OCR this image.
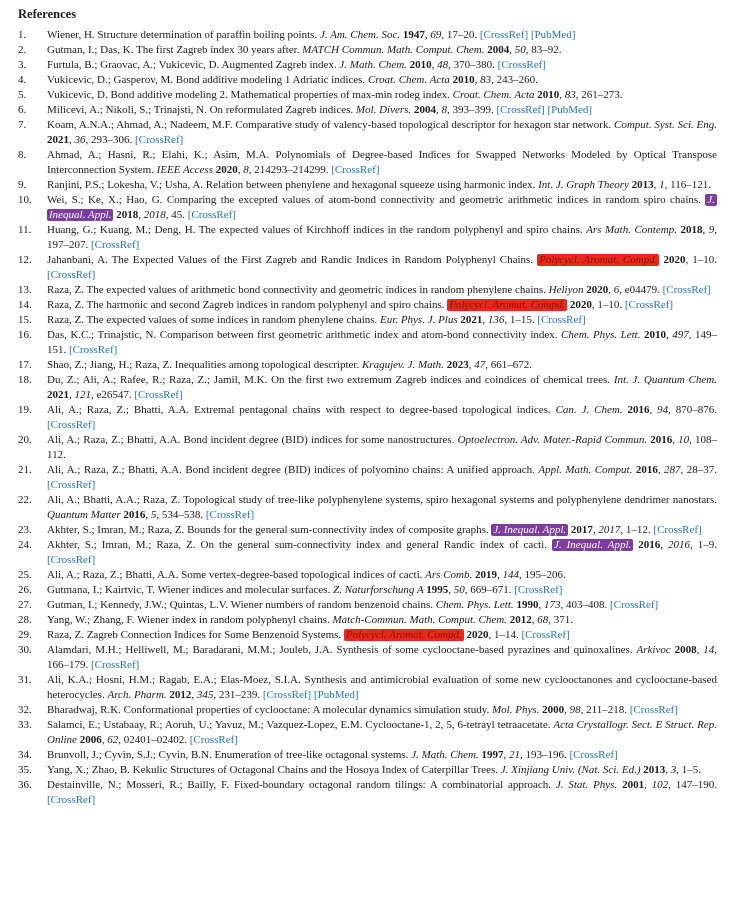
References
1.	Wiener, H. Structure determination of paraffin boiling points. J. Am. Chem. Soc. 1947, 69, 17–20. [CrossRef] [PubMed]
2.	Gutman, I.; Das, K. The first Zagreb index 30 years after. MATCH Commun. Math. Comput. Chem. 2004, 50, 83–92.
3.	Furtula, B.; Graovac, A.; Vukicevic, D. Augmented Zagreb index. J. Math. Chem. 2010, 48, 370–380. [CrossRef]
4.	Vukicevic, D.; Gasperov, M. Bond additive modeling 1 Adriatic indices. Croat. Chem. Acta 2010, 83, 243–260.
5.	Vukicevic, D. Bond additive modeling 2. Mathematical properties of max-min rodeg index. Croat. Chem. Acta 2010, 83, 261–273.
6.	Milicevi, A.; Nikoli, S.; Trinajsti, N. On reformulated Zagreb indices. Mol. Divers. 2004, 8, 393–399. [CrossRef] [PubMed]
7.	Koam, A.N.A.; Ahmad, A.; Nadeem, M.F. Comparative study of valency-based topological descriptor for hexagon star network. Comput. Syst. Sci. Eng. 2021, 36, 293–306. [CrossRef]
8.	Ahmad, A.; Hasni, R.; Elahi, K.; Asim, M.A. Polynomials of Degree-based Indices for Swapped Networks Modeled by Optical Transpose Interconnection System. IEEE Access 2020, 8, 214293–214299. [CrossRef]
9.	Ranjini, P.S.; Lokesha, V.; Usha, A. Relation between phenylene and hexagonal squeeze using harmonic index. Int. J. Graph Theory 2013, 1, 116–121.
10.	Wei, S.; Ke, X.; Hao, G. Comparing the excepted values of atom-bond connectivity and geometric arithmetic indices in random spiro chains. J. Inequal. Appl. 2018, 2018, 45. [CrossRef]
11.	Huang, G.; Kuang, M.; Deng, H. The expected values of Kirchhoff indices in the random polyphenyl and spiro chains. Ars Math. Contemp. 2018, 9, 197–207. [CrossRef]
12.	Jahanbani, A. The Expected Values of the First Zagreb and Randic Indices in Random Polyphenyl Chains. Polycycl. Aromat. Compd. 2020, 1–10. [CrossRef]
13.	Raza, Z. The expected values of arithmetic bond connectivity and geometric indices in random phenylene chains. Heliyon 2020, 6, e04479. [CrossRef]
14.	Raza, Z. The harmonic and second Zagreb indices in random polyphenyl and spiro chains. Polycycl. Aromat. Compd. 2020, 1–10. [CrossRef]
15.	Raza, Z. The expected values of some indices in random phenylene chains. Eur. Phys. J. Plus 2021, 136, 1–15. [CrossRef]
16.	Das, K.C.; Trinajstic, N. Comparison between first geometric arithmetic index and atom-bond connectivity index. Chem. Phys. Lett. 2010, 497, 149–151. [CrossRef]
17.	Shao, Z.; Jiang, H.; Raza, Z. Inequalities among topological descripter. Kragujev. J. Math. 2023, 47, 661–672.
18.	Du, Z.; Ali, A.; Rafee, R.; Raza, Z.; Jamil, M.K. On the first two extremum Zagreb indices and coindices of chemical trees. Int. J. Quantum Chem. 2021, 121, e26547. [CrossRef]
19.	Ali, A.; Raza, Z.; Bhatti, A.A. Extremal pentagonal chains with respect to degree-based topological indices. Can. J. Chem. 2016, 94, 870–876. [CrossRef]
20.	Ali, A.; Raza, Z.; Bhatti, A.A. Bond incident degree (BID) indices for some nanostructures. Optoelectron. Adv. Mater.-Rapid Commun. 2016, 10, 108–112.
21.	Ali, A.; Raza, Z.; Bhatti, A.A. Bond incident degree (BID) indices of polyomino chains: A unified approach. Appl. Math. Comput. 2016, 287, 28–37. [CrossRef]
22.	Ali, A.; Bhatti, A.A.; Raza, Z. Topological study of tree-like polyphenylene systems, spiro hexagonal systems and polyphenylene dendrimer nanostars. Quantum Matter 2016, 5, 534–538. [CrossRef]
23.	Akhter, S.; Imran, M.; Raza, Z. Bounds for the general sum-connectivity index of composite graphs. J. Inequal. Appl. 2017, 2017, 1–12. [CrossRef]
24.	Akhter, S.; Imran, M.; Raza, Z. On the general sum-connectivity index and general Randic index of cacti. J. Inequal. Appl. 2016, 2016, 1–9. [CrossRef]
25.	Ali, A.; Raza, Z.; Bhatti, A.A. Some vertex-degree-based topological indices of cacti. Ars Comb. 2019, 144, 195–206.
26.	Gutmana, I.; Kairtvic, T. Wiener indices and molecular surfaces. Z. Naturforschung A 1995, 50, 669–671. [CrossRef]
27.	Gutman, I.; Kennedy, J.W.; Quintas, L.V. Wiener numbers of random benzenoid chains. Chem. Phys. Lett. 1990, 173, 403–408. [CrossRef]
28.	Yang, W.; Zhang, F. Wiener index in random polyphenyl chains. Match-Commun. Math. Comput. Chem. 2012, 68, 371.
29.	Raza, Z. Zagreb Connection Indices for Some Benzenoid Systems. Polycycl. Aromat. Compd. 2020, 1–14. [CrossRef]
30.	Alamdari, M.H.; Helliwell, M.; Baradarani, M.M.; Jouleb, J.A. Synthesis of some cyclooctane-based pyrazines and quinoxalines. Arkivoc 2008, 14, 166–179. [CrossRef]
31.	Ali, K.A.; Hosni, H.M.; Ragab, E.A.; Elas-Moez, S.I.A. Synthesis and antimicrobial evaluation of some new cyclooctanones and cyclooctane-based heterocycles. Arch. Pharm. 2012, 345, 231–239. [CrossRef] [PubMed]
32.	Bharadwaj, R.K. Conformational properties of cyclooctane: A molecular dynamics simulation study. Mol. Phys. 2000, 98, 211–218. [CrossRef]
33.	Salamci, E.; Ustabaay, R.; Aoruh, U.; Yavuz, M.; Vazquez-Lopez, E.M. Cyclooctane-1, 2, 5, 6-tetrayl tetraacetate. Acta Crystallogr. Sect. E Struct. Rep. Online 2006, 62, 02401–02402. [CrossRef]
34.	Brunvoll, J.; Cyvin, S.J.; Cyvin, B.N. Enumeration of tree-like octagonal systems. J. Math. Chem. 1997, 21, 193–196. [CrossRef]
35.	Yang, X.; Zhao, B. Kekulic Structures of Octagonal Chains and the Hosoya Index of Caterpillar Trees. J. Xinjiang Univ. (Nat. Sci. Ed.) 2013, 3, 1–5.
36.	Destainville, N.; Mosseri, R.; Bailly, F. Fixed-boundary octagonal random tilings: A combinatorial approach. J. Stat. Phys. 2001, 102, 147–190. [CrossRef]
